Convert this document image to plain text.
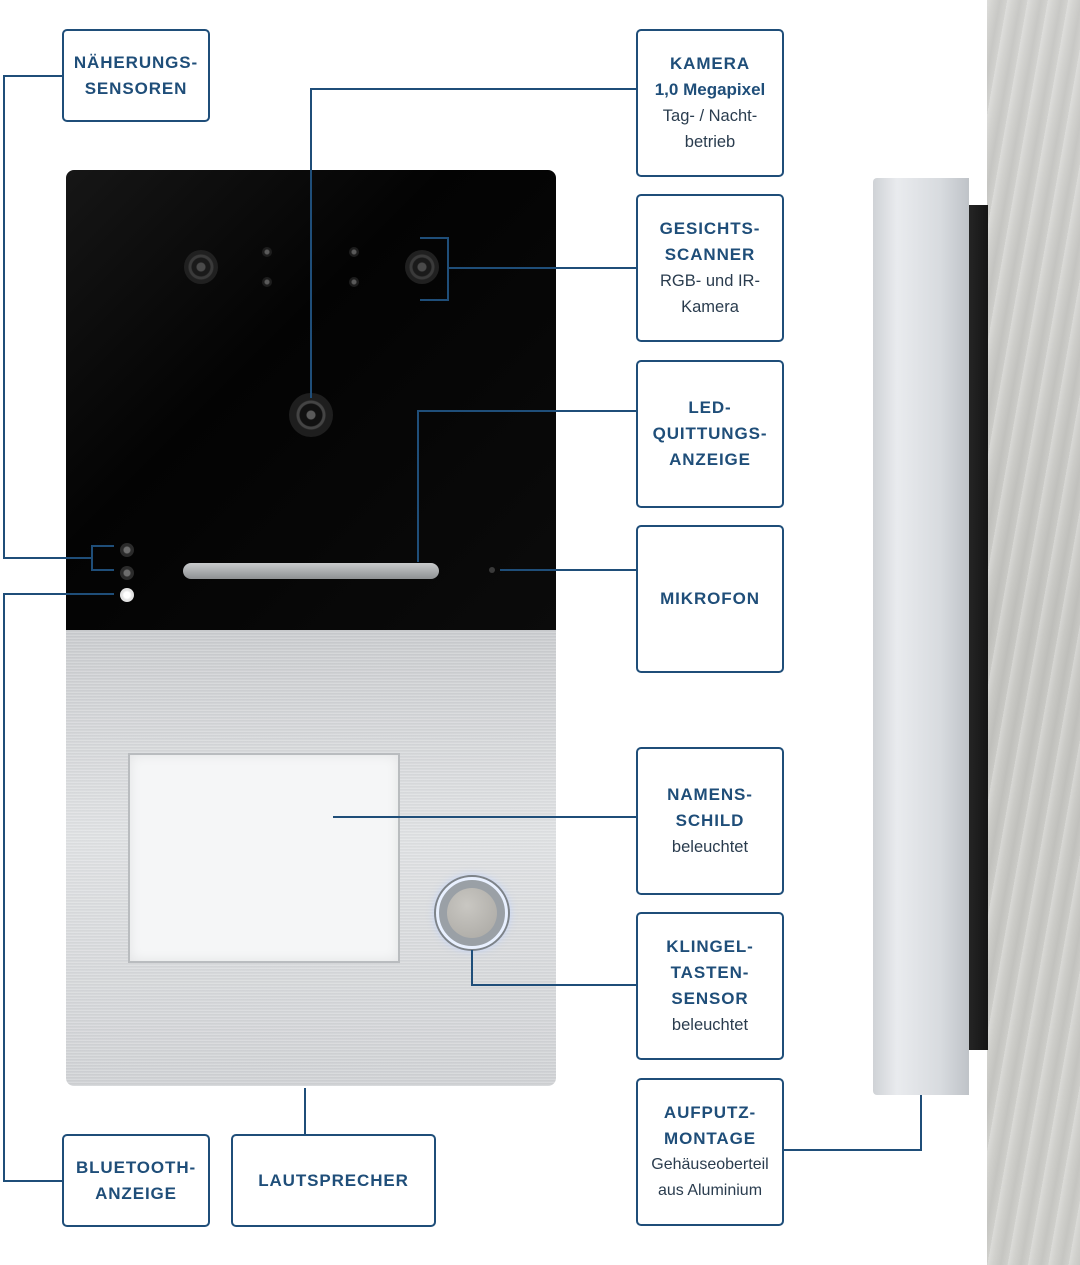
NÄHERUNGS-
SENSOREN
KAMERA
1,0 Megapixel
Tag- / Nacht-
betrieb
GESICHTS-
SCANNER
RGB- und IR-
Kamera
LED-
QUITTUNGS-
ANZEIGE
MIKROFON
NAMENS-
SCHILD
beleuchtet
KLINGEL-
TASTEN-
SENSOR
beleuchtet
AUFPUTZ-
MONTAGE
Gehäuseoberteil
aus Aluminium
BLUETOOTH-
ANZEIGE
LAUTSPRECHER
